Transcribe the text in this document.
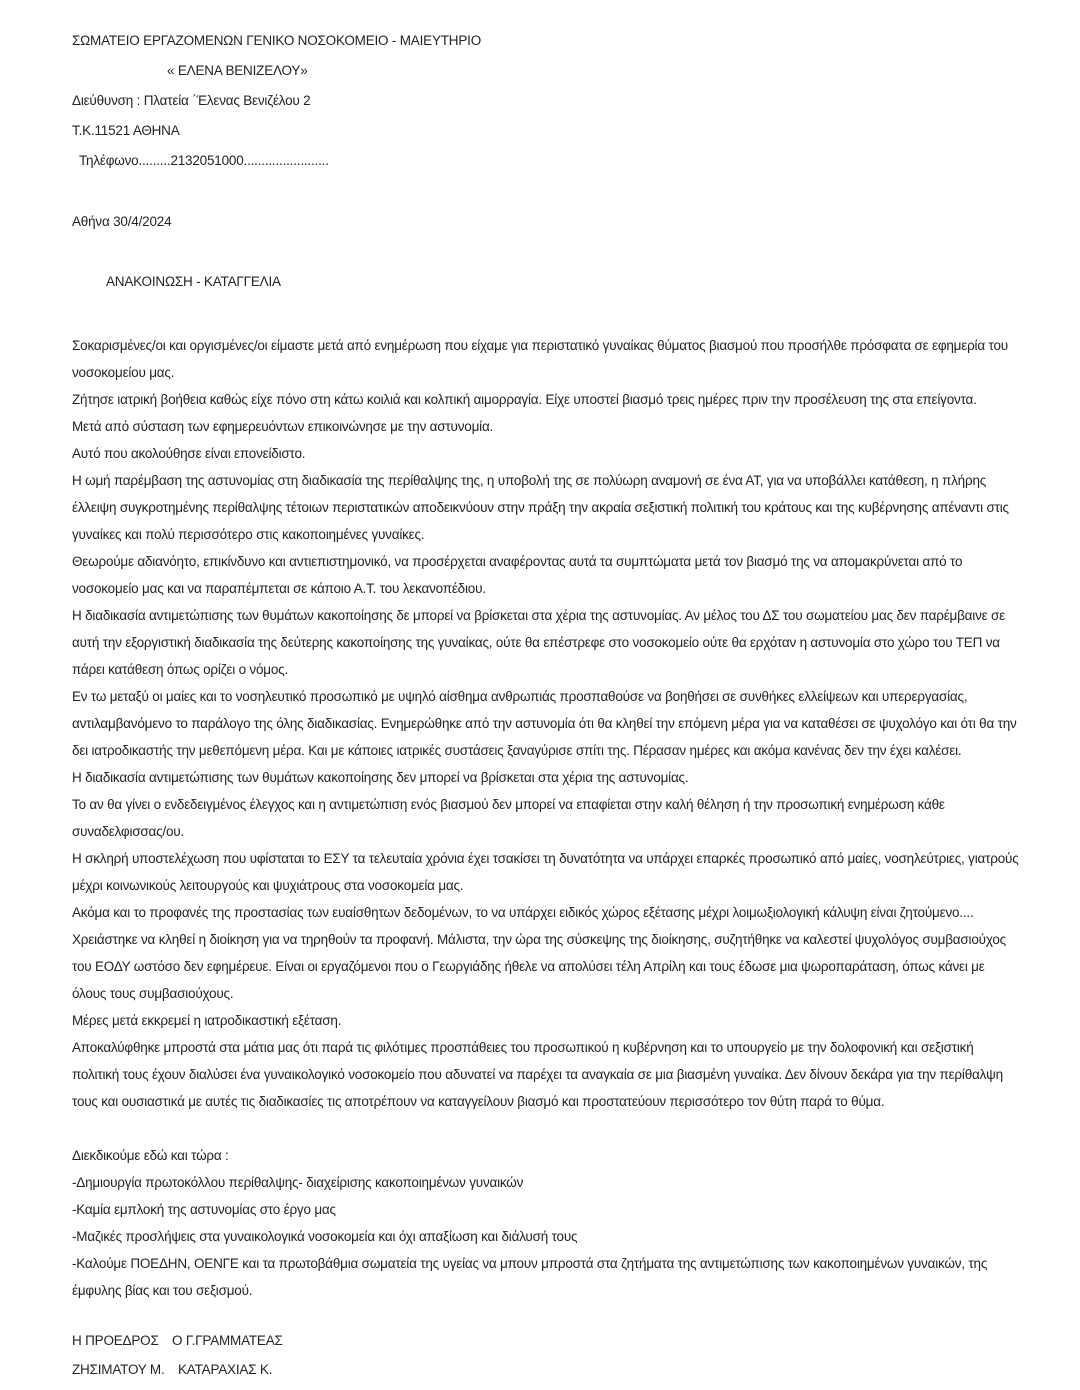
ΣΩΜΑΤΕΙΟ ΕΡΓΑΖΟΜΕΝΩΝ ΓΕΝΙΚΟ ΝΟΣΟΚΟΜΕΙΟ - ΜΑΙΕΥΤΗΡΙΟ

« ΕΛΕΝΑ ΒΕΝΙΖΕΛΟΥ»

Διεύθυνση : Πλατεία ΄Έλενας Βενιζέλου 2

Τ.Κ.11521 ΑΘΗΝΑ

Τηλέφωνο.........2132051000........................

Αθήνα 30/4/2024

ΑΝΑΚΟΙΝΩΣΗ - ΚΑΤΑΓΓΕΛΙΑ

Σοκαρισμένες/οι και οργισμένες/οι είμαστε μετά από ενημέρωση που είχαμε για περιστατικό γυναίκας θύματος βιασμού που προσήλθε πρόσφατα σε εφημερία του νοσοκομείου μας.

Ζήτησε ιατρική βοήθεια καθώς είχε πόνο στη κάτω κοιλιά και κολπική αιμορραγία. Είχε υποστεί βιασμό τρεις ημέρες πριν την προσέλευση της στα επείγοντα.

Μετά από σύσταση των εφημερευόντων επικοινώνησε με την αστυνομία.

Αυτό που ακολούθησε είναι επονείδιστο.

Η ωμή παρέμβαση της αστυνομίας στη διαδικασία της περίθαλψης της, η υποβολή της σε πολύωρη αναμονή σε ένα ΑΤ, για να υποβάλλει κατάθεση, η πλήρης έλλειψη συγκροτημένης περίθαλψης τέτοιων περιστατικών αποδεικνύουν στην πράξη την ακραία σεξιστική πολιτική του κράτους και της κυβέρνησης απέναντι στις γυναίκες και πολύ περισσότερο στις κακοποιημένες γυναίκες.

Θεωρούμε αδιανόητο, επικίνδυνο και αντιεπιστημονικό, να προσέρχεται αναφέροντας αυτά τα συμπτώματα μετά τον βιασμό της να απομακρύνεται από το νοσοκομείο μας και να παραπέμπεται σε κάποιο Α.Τ. του λεκανοπέδιου.

Η διαδικασία αντιμετώπισης των θυμάτων κακοποίησης δε μπορεί να βρίσκεται στα χέρια της αστυνομίας. Αν μέλος του ΔΣ του σωματείου μας δεν παρέμβαινε σε αυτή την εξοργιστική διαδικασία της δεύτερης κακοποίησης της γυναίκας, ούτε θα επέστρεφε στο νοσοκομείο ούτε θα ερχόταν η αστυνομία στο χώρο του ΤΕΠ να πάρει κατάθεση όπως ορίζει ο νόμος.

Εν τω μεταξύ οι μαίες και το νοσηλευτικό προσωπικό με υψηλό αίσθημα ανθρωπιάς προσπαθούσε να βοηθήσει σε συνθήκες ελλείψεων και υπερεργασίας, αντιλαμβανόμενο το παράλογο της όλης διαδικασίας. Ενημερώθηκε από την αστυνομία ότι θα κληθεί την επόμενη μέρα για να καταθέσει σε ψυχολόγο και ότι θα την δει ιατροδικαστής την μεθεπόμενη μέρα. Και με κάποιες ιατρικές συστάσεις ξαναγύρισε σπίτι της. Πέρασαν ημέρες και ακόμα κανένας δεν την έχει καλέσει.

Η διαδικασία αντιμετώπισης των θυμάτων κακοποίησης δεν μπορεί να βρίσκεται στα χέρια της αστυνομίας.

Το αν θα γίνει ο ενδεδειγμένος έλεγχος και η αντιμετώπιση ενός βιασμού δεν μπορεί να επαφίεται στην καλή θέληση ή την προσωπική ενημέρωση κάθε συναδελφισσας/ου.

Η σκληρή υποστελέχωση που υφίσταται το ΕΣΥ τα τελευταία χρόνια έχει τσακίσει τη δυνατότητα να υπάρχει επαρκές προσωπικό από μαίες, νοσηλεύτριες, γιατρούς μέχρι κοινωνικούς λειτουργούς και ψυχιάτρους στα νοσοκομεία μας.

Ακόμα και το προφανές της προστασίας των ευαίσθητων δεδομένων, το να υπάρχει ειδικός χώρος εξέτασης μέχρι λοιμωξιολογική κάλυψη είναι ζητούμενο....

Χρειάστηκε να κληθεί η διοίκηση για να τηρηθούν τα προφανή. Μάλιστα, την ώρα της σύσκεψης της διοίκησης, συζητήθηκε να καλεστεί ψυχολόγος συμβασιούχος του ΕΟΔΥ ωστόσο δεν εφημέρευε. Είναι οι εργαζόμενοι που ο Γεωργιάδης ήθελε να απολύσει τέλη Απρίλη και τους έδωσε μια ψωροπαράταση, όπως κάνει με όλους τους συμβασιούχους.

Μέρες μετά εκκρεμεί η ιατροδικαστική εξέταση.

Αποκαλύφθηκε μπροστά στα μάτια μας ότι παρά τις φιλότιμες προσπάθειες του προσωπικού η κυβέρνηση και το υπουργείο με την δολοφονική και σεξιστική πολιτική τους έχουν διαλύσει ένα γυναικολογικό νοσοκομείο που αδυνατεί να παρέχει τα αναγκαία σε μια βιασμένη γυναίκα. Δεν δίνουν δεκάρα για την περίθαλψη τους και ουσιαστικά με αυτές τις διαδικασίες τις αποτρέπουν να καταγγείλουν βιασμό και προστατεύουν περισσότερο τον θύτη παρά το θύμα.

Διεκδικούμε εδώ και τώρα :

-Δημιουργία πρωτοκόλλου περίθαλψης- διαχείρισης κακοποιημένων γυναικών

-Καμία εμπλοκή της αστυνομίας στο έργο μας

-Μαζικές προσλήψεις στα γυναικολογικά νοσοκομεία και όχι απαξίωση και διάλυσή τους

-Καλούμε ΠΟΕΔΗΝ, ΟΕΝΓΕ και τα πρωτοβάθμια σωματεία της υγείας να μπουν μπροστά στα ζητήματα της αντιμετώπισης των κακοποιημένων γυναικών, της έμφυλης βίας και του σεξισμού.

Η ΠΡΟΕΔΡΟΣ Ο Γ.ΓΡΑΜΜΑΤΕΑΣ
ΖΗΣΙΜΑΤΟΥ Μ. ΚΑΤΑΡΑΧΙΑΣ Κ.
